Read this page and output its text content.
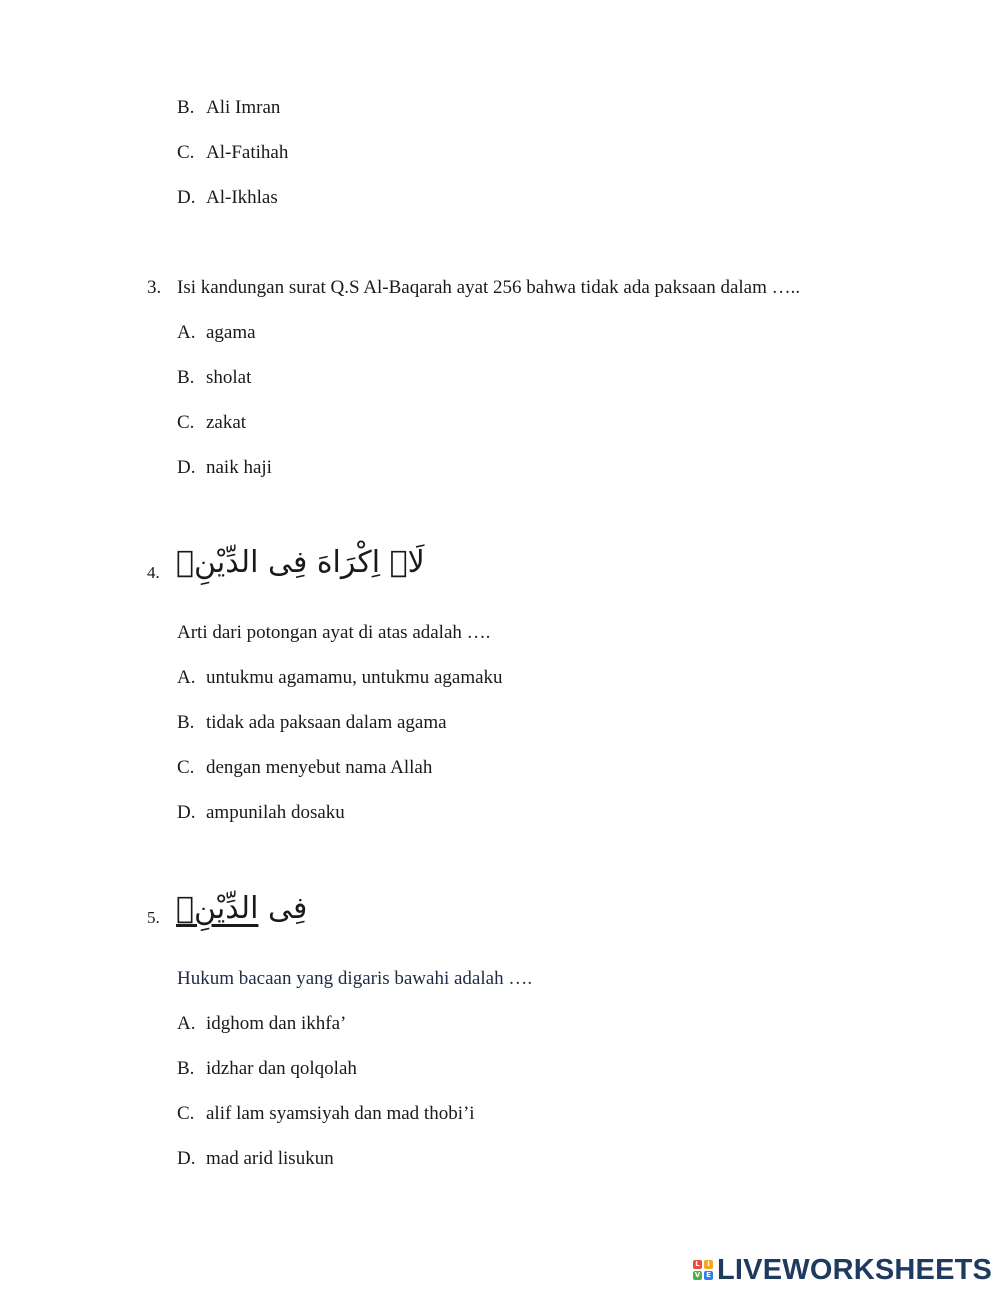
B. Ali Imran
C. Al-Fatihah
D. Al-Ikhlas
3. Isi kandungan surat Q.S Al-Baqarah ayat 256 bahwa tidak ada paksaan dalam …..
A. agama
B. sholat
C. zakat
D. naik haji
4. لَاۤ اِكْرَاهَ فِى الدِّيْنِۗ
Arti dari potongan ayat di atas adalah ….
A. untukmu agamamu, untukmu agamaku
B. tidak ada paksaan dalam agama
C. dengan menyebut nama Allah
D. ampunilah dosaku
5.	فِى الدِّيْنِۗ
Hukum bacaan yang digaris bawahi adalah ….
A. idghom dan ikhfa’
B. idzhar dan qolqolah
C. alif lam syamsiyah dan mad thobi’i
D. mad arid lisukun
L	I
V E LIVEWORKSHEETS
